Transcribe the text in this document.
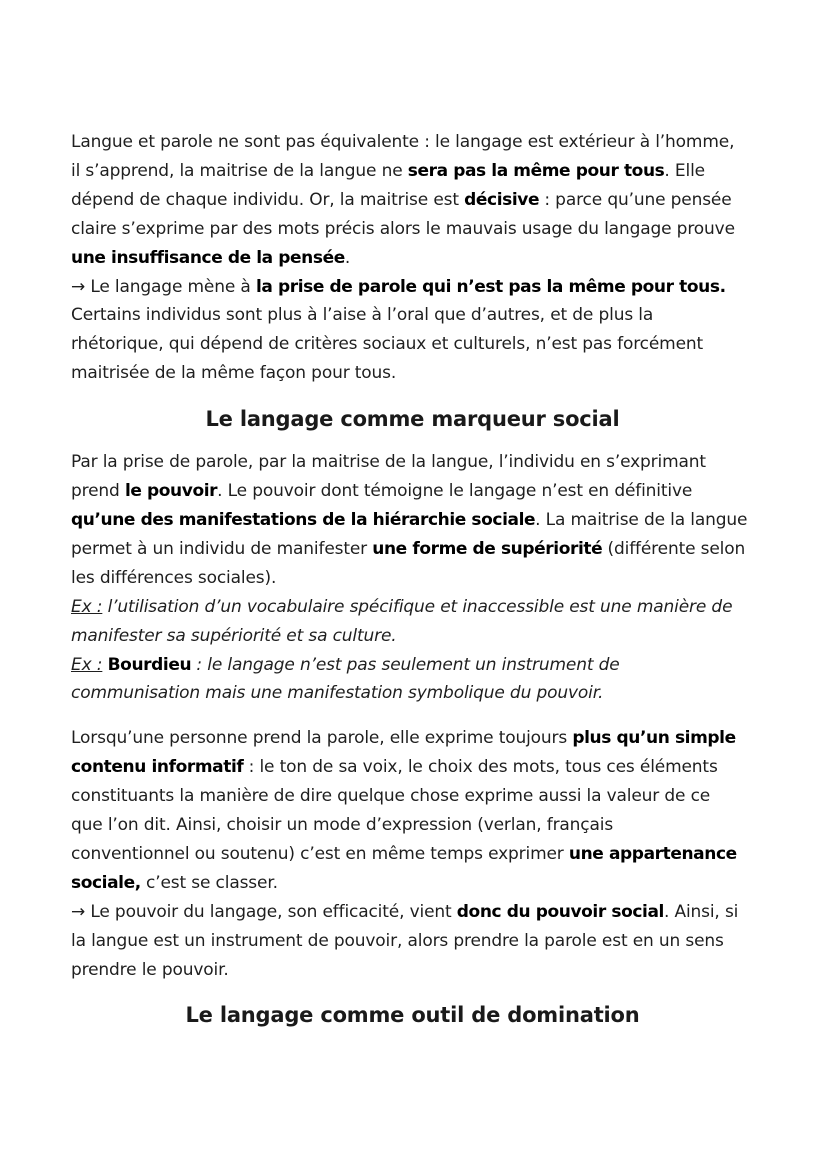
Langue et parole ne sont pas équivalente : le langage est extérieur à l’homme,
il s’apprend, la maitrise de la langue ne sera pas la même pour tous. Elle
dépend de chaque individu. Or, la maitrise est décisive : parce qu’une pensée
claire s’exprime par des mots précis alors le mauvais usage du langage prouve
une insuffisance de la pensée.
→ Le langage mène à la prise de parole qui n’est pas la même pour tous.
Certains individus sont plus à l’aise à l’oral que d’autres, et de plus la
rhétorique, qui dépend de critères sociaux et culturels, n’est pas forcément
maitrisée de la même façon pour tous.

Le langage comme marqueur social

Par la prise de parole, par la maitrise de la langue, l’individu en s’exprimant
prend le pouvoir. Le pouvoir dont témoigne le langage n’est en définitive
qu’une des manifestations de la hiérarchie sociale. La maitrise de la langue
permet à un individu de manifester une forme de supériorité (différente selon
les différences sociales).
Ex : l’utilisation d’un vocabulaire spécifique et inaccessible est une manière de
manifester sa supériorité et sa culture.
Ex : Bourdieu : le langage n’est pas seulement un instrument de
communisation mais une manifestation symbolique du pouvoir.

Lorsqu’une personne prend la parole, elle exprime toujours plus qu’un simple
contenu informatif : le ton de sa voix, le choix des mots, tous ces éléments
constituants la manière de dire quelque chose exprime aussi la valeur de ce
que l’on dit. Ainsi, choisir un mode d’expression (verlan, français
conventionnel ou soutenu) c’est en même temps exprimer une appartenance
sociale, c’est se classer.
→ Le pouvoir du langage, son efficacité, vient donc du pouvoir social. Ainsi, si
la langue est un instrument de pouvoir, alors prendre la parole est en un sens
prendre le pouvoir.

Le langage comme outil de domination
